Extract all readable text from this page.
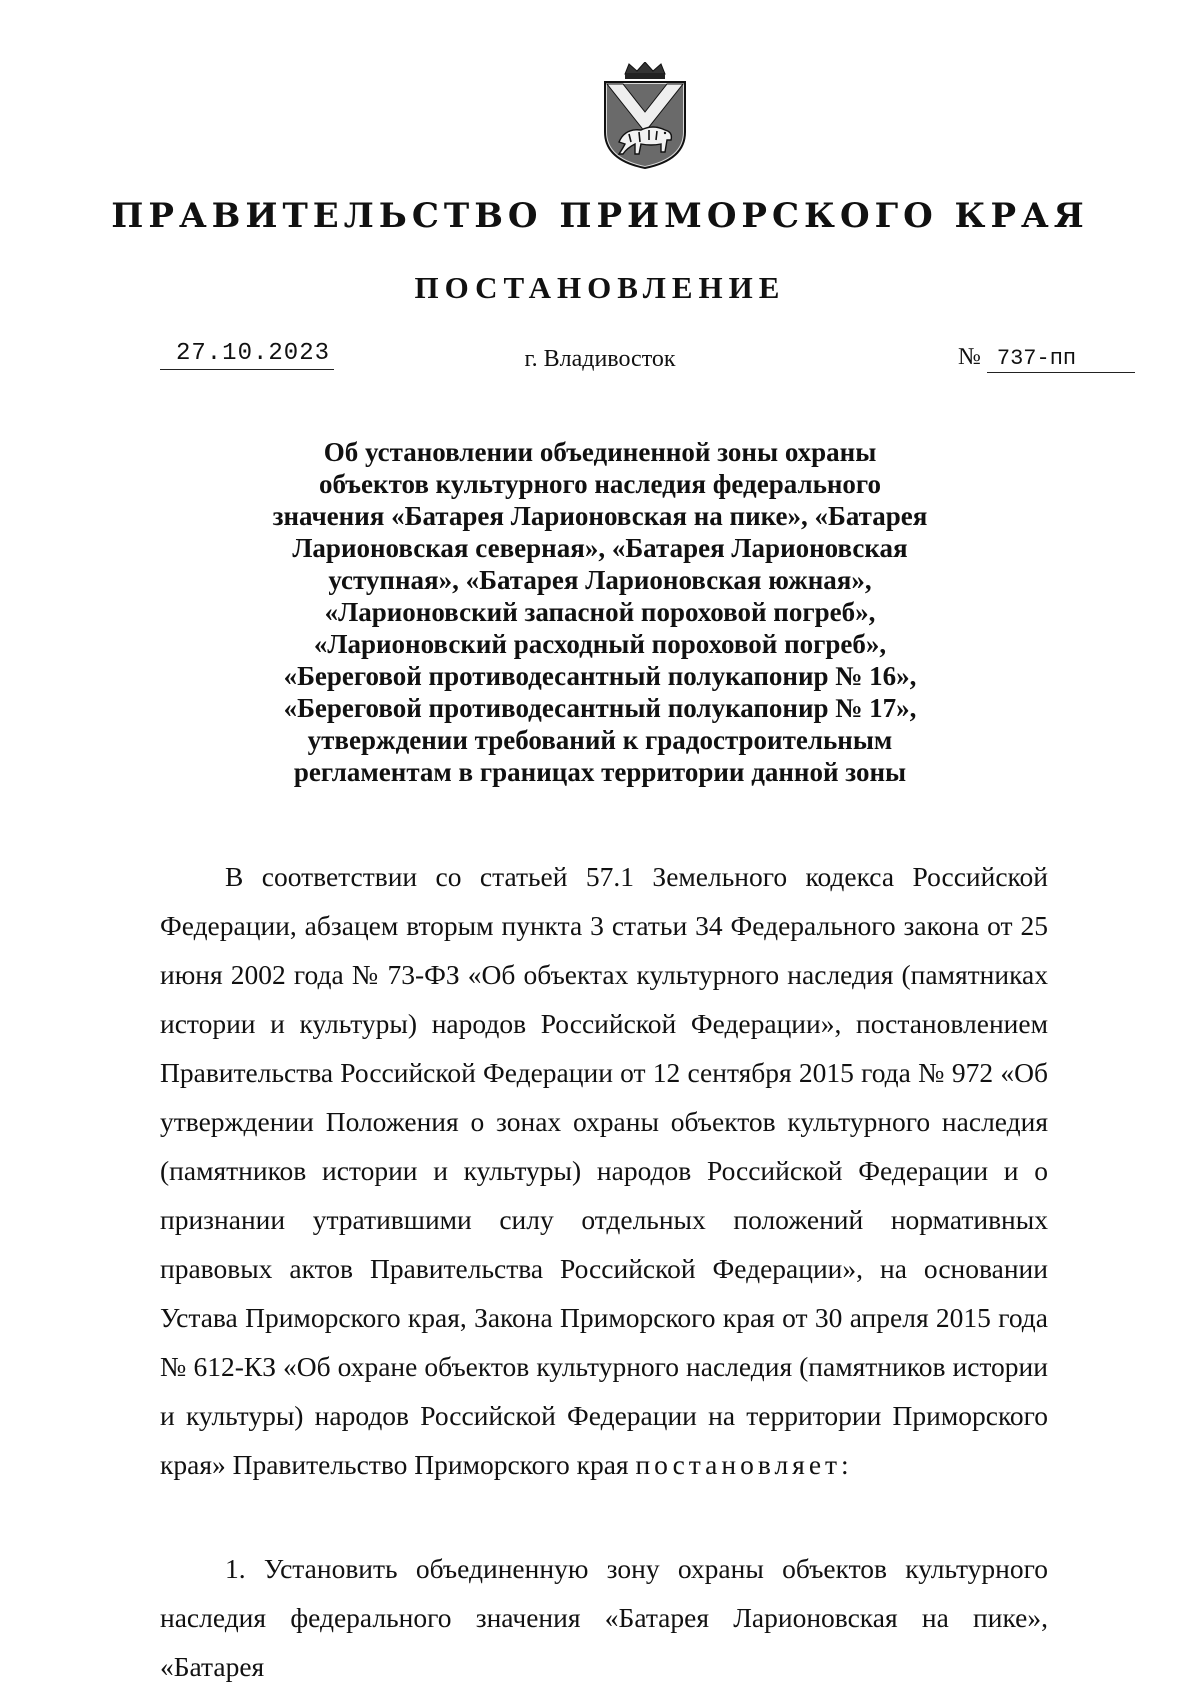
ПРАВИТЕЛЬСТВО ПРИМОРСКОГО КРАЯ
ПОСТАНОВЛЕНИЕ
27.10.2023	г. Владивосток	№ 737-пп
Об установлении объединенной зоны охраны
объектов культурного наследия федерального
значения «Батарея Ларионовская на пике», «Батарея
Ларионовская северная», «Батарея Ларионовская
уступная», «Батарея Ларионовская южная»,
«Ларионовский запасной пороховой погреб»,
«Ларионовский расходный пороховой погреб»,
«Береговой противодесантный полукапонир № 16»,
«Береговой противодесантный полукапонир № 17»,
утверждении требований к градостроительным
регламентам в границах территории данной зоны

В соответствии со статьей 57.1 Земельного кодекса Российской Федерации, абзацем вторым пункта 3 статьи 34 Федерального закона от 25 июня 2002 года № 73-ФЗ «Об объектах культурного наследия (памятниках истории и культуры) народов Российской Федерации», постановлением Правительства Российской Федерации от 12 сентября 2015 года № 972 «Об утверждении Положения о зонах охраны объектов культурного наследия (памятников истории и культуры) народов Российской Федерации и о признании утратившими силу отдельных положений нормативных правовых актов Правительства Российской Федерации», на основании Устава Приморского края, Закона Приморского края от 30 апреля 2015 года № 612-КЗ «Об охране объектов культурного наследия (памятников истории и культуры) народов Российской Федерации на территории Приморского края» Правительство Приморского края постановляет:

1. Установить объединенную зону охраны объектов культурного наследия федерального значения «Батарея Ларионовская на пике», «Батарея
